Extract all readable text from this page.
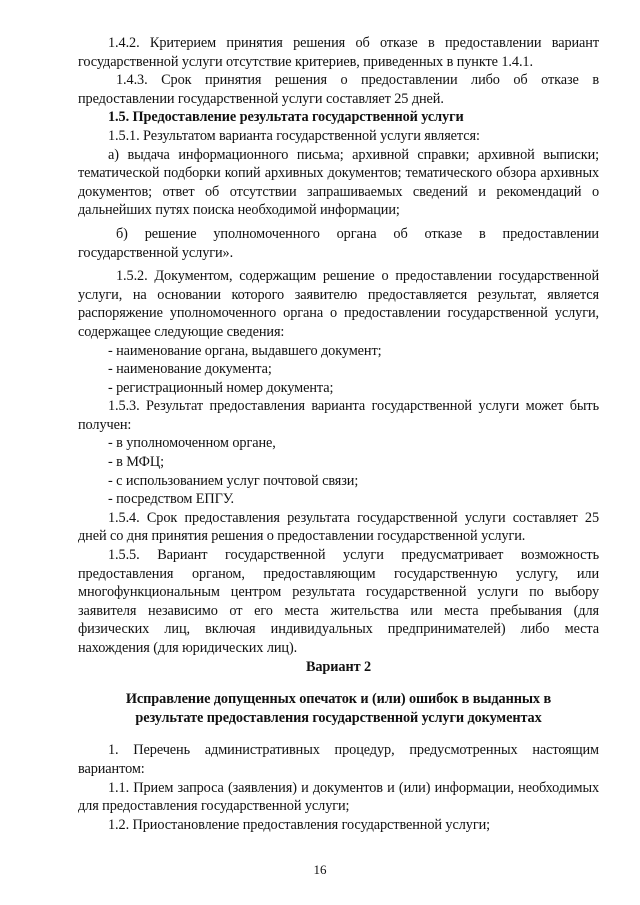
1.4.2. Критерием принятия решения об отказе в предоставлении вариант государственной услуги отсутствие критериев, приведенных в пункте 1.4.1.

1.4.3. Срок принятия решения о предоставлении либо об отказе в предоставлении государственной услуги составляет 25 дней.

1.5. Предоставление результата государственной услуги

1.5.1. Результатом варианта государственной услуги является:

а) выдача информационного письма; архивной справки; архивной выписки; тематической подборки копий архивных документов; тематического обзора архивных документов; ответ об отсутствии запрашиваемых сведений и рекомендаций о дальнейших путях поиска необходимой информации;

б) решение уполномоченного органа об отказе в предоставлении государственной услуги».

1.5.2. Документом, содержащим решение о предоставлении государственной услуги, на основании которого заявителю предоставляется результат, является распоряжение уполномоченного органа о предоставлении государственной услуги, содержащее следующие сведения:

- наименование органа, выдавшего документ;

- наименование документа;

- регистрационный номер документа;

1.5.3. Результат предоставления варианта государственной услуги может быть получен:

- в уполномоченном органе,

- в МФЦ;

- с использованием услуг почтовой связи;

- посредством ЕПГУ.

1.5.4. Срок предоставления результата государственной услуги составляет 25 дней со дня принятия решения о предоставлении государственной услуги.

1.5.5. Вариант государственной услуги предусматривает возможность предоставления органом, предоставляющим государственную услугу, или многофункциональным центром результата государственной услуги по выбору заявителя независимо от его места жительства или места пребывания (для физических лиц, включая индивидуальных предпринимателей) либо места нахождения (для юридических лиц).

Вариант 2

Исправление допущенных опечаток и (или) ошибок в выданных в результате предоставления государственной услуги документах

1. Перечень административных процедур, предусмотренных настоящим вариантом:

1.1. Прием запроса (заявления) и документов и (или) информации, необходимых для предоставления государственной услуги;

1.2. Приостановление предоставления государственной услуги;

16
